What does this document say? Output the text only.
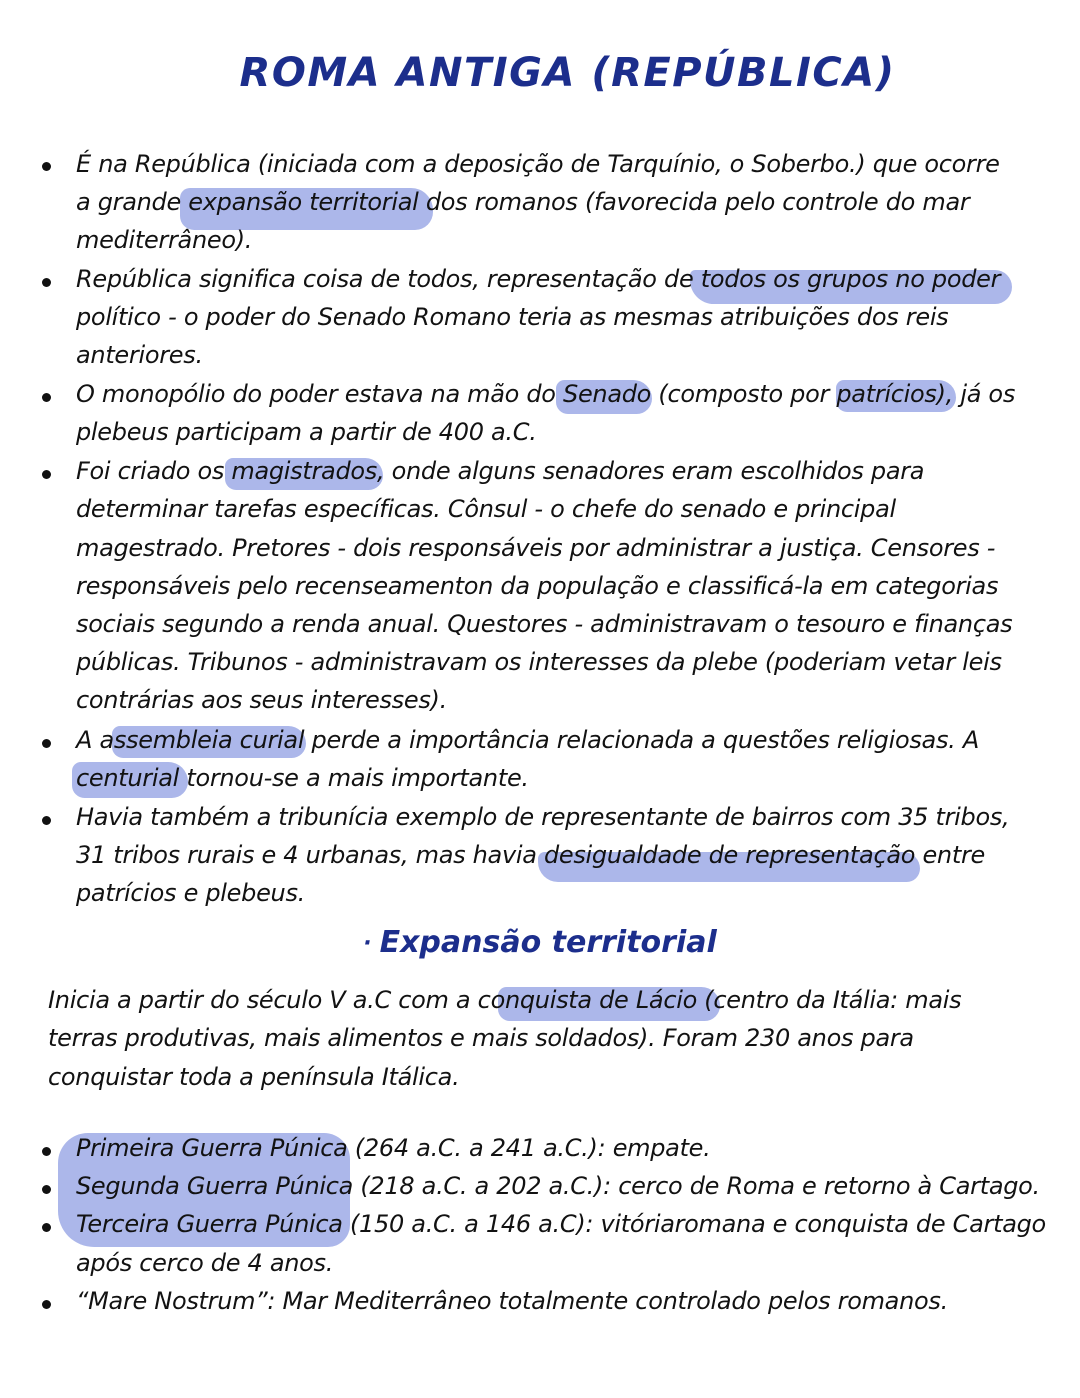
ROMA ANTIGA (REPÚBLICA)
É na República (iniciada com a deposição de Tarquínio, o Soberbo.) que ocorre
a grande expansão territorial dos romanos (favorecida pelo controle do mar
mediterrâneo).
República significa coisa de todos, representação de todos os grupos no poder
político - o poder do Senado Romano teria as mesmas atribuições dos reis
anteriores.
O monopólio do poder estava na mão do Senado (composto por patrícios), já os
plebeus participam a partir de 400 a.C.
Foi criado os magistrados, onde alguns senadores eram escolhidos para
determinar tarefas específicas. Cônsul - o chefe do senado e principal
magestrado. Pretores - dois responsáveis por administrar a justiça. Censores -
responsáveis pelo recenseamenton da população e classificá-la em categorias
sociais segundo a renda anual. Questores - administravam o tesouro e finanças
públicas. Tribunos - administravam os interesses da plebe (poderiam vetar leis
contrárias aos seus interesses).
A assembleia curial perde a importância relacionada a questões religiosas. A
centurial tornou-se a mais importante.
Havia também a tribunícia exemplo de representante de bairros com 35 tribos,
31 tribos rurais e 4 urbanas, mas havia desigualdade de representação entre
patrícios e plebeus.
· Expansão territorial
Inicia a partir do século V a.C com a conquista de Lácio (centro da Itália: mais
terras produtivas, mais alimentos e mais soldados). Foram 230 anos para
conquistar toda a península Itálica.
Primeira Guerra Púnica (264 a.C. a 241 a.C.): empate.
Segunda Guerra Púnica (218 a.C. a 202 a.C.): cerco de Roma e retorno à Cartago.
Terceira Guerra Púnica (150 a.C. a 146 a.C): vitóriaromana e conquista de Cartago
após cerco de 4 anos.
“Mare Nostrum”: Mar Mediterrâneo totalmente controlado pelos romanos.
